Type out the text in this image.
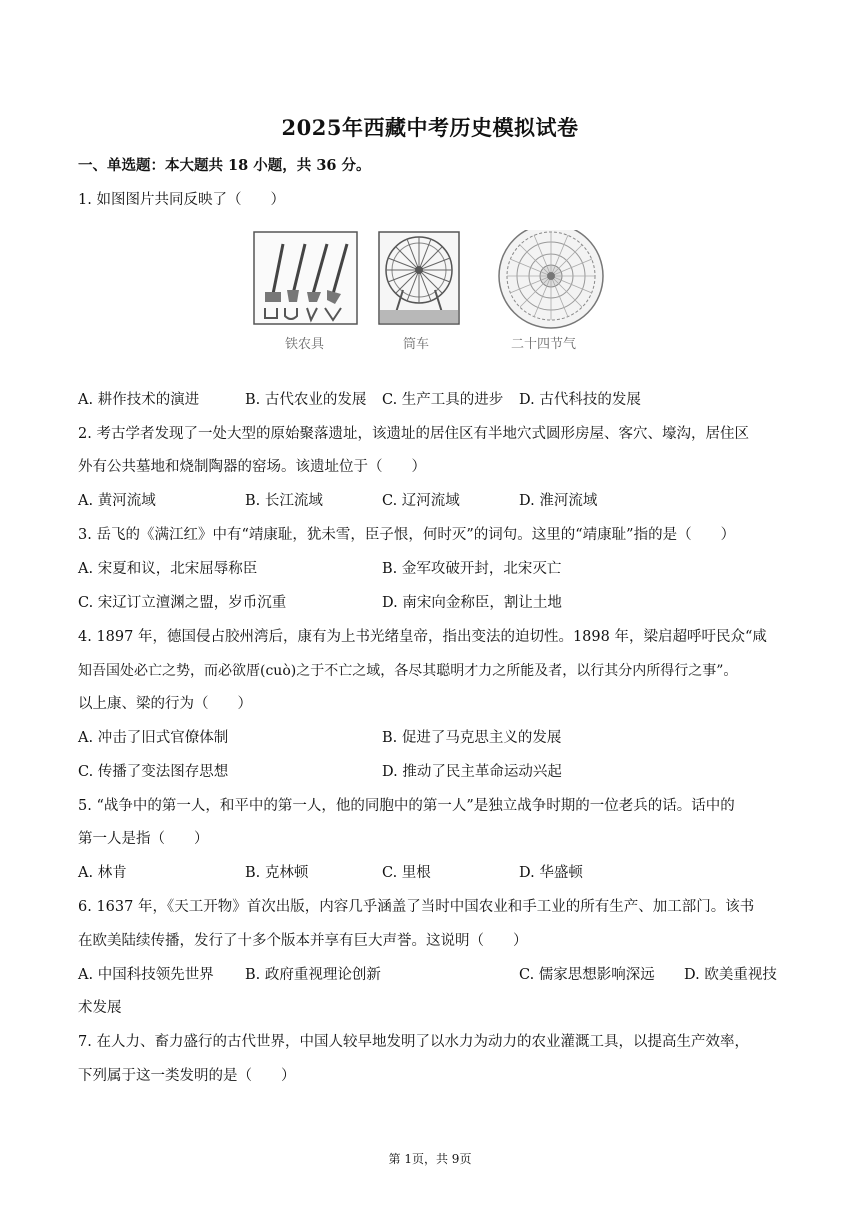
2025年西藏中考历史模拟试卷
一、单选题：本大题共 18 小题，共 36 分。
1. 如图图片共同反映了（　　）
铁农具	筒车	二十四节气
A. 耕作技术的演进	B. 古代农业的发展 C. 生产工具的进步 D. 古代科技的发展
2. 考古学者发现了一处大型的原始聚落遗址，该遗址的居住区有半地穴式圆形房屋、客穴、壕沟，居住区
外有公共墓地和烧制陶器的窑场。该遗址位于（　　）
A. 黄河流域	B. 长江流域	C. 辽河流域	D. 淮河流域
3. 岳飞的《满江红》中有“靖康耻，犹未雪，臣子恨，何时灭”的词句。这里的“靖康耻”指的是（　　）
A. 宋夏和议，北宋屈辱称臣	B. 金军攻破开封，北宋灭亡
C. 宋辽订立澶渊之盟，岁币沉重	D. 南宋向金称臣，割让土地
4. 1897 年，德国侵占胶州湾后，康有为上书光绪皇帝，指出变法的迫切性。1898 年，梁启超呼吁民众“咸
知吾国处必亡之势，而必欲厝(cuò)之于不亡之域，各尽其聪明才力之所能及者，以行其分内所得行之事”。
以上康、梁的行为（　　）
A. 冲击了旧式官僚体制	B. 促进了马克思主义的发展
C. 传播了变法图存思想	D. 推动了民主革命运动兴起
5. “战争中的第一人，和平中的第一人，他的同胞中的第一人”是独立战争时期的一位老兵的话。话中的
第一人是指（　　）
A. 林肯	B. 克林顿	C. 里根	D. 华盛顿
6. 1637 年，《天工开物》首次出版，内容几乎涵盖了当时中国农业和手工业的所有生产、加工部门。该书
在欧美陆续传播，发行了十多个版本并享有巨大声誉。这说明（　　）
A. 中国科技领先世界 B. 政府重视理论创新	C. 儒家思想影响深远 D. 欧美重视技
术发展
7. 在人力、畜力盛行的古代世界，中国人较早地发明了以水力为动力的农业灌溉工具，以提高生产效率，
下列属于这一类发明的是（　　）
第 1页，共 9页
